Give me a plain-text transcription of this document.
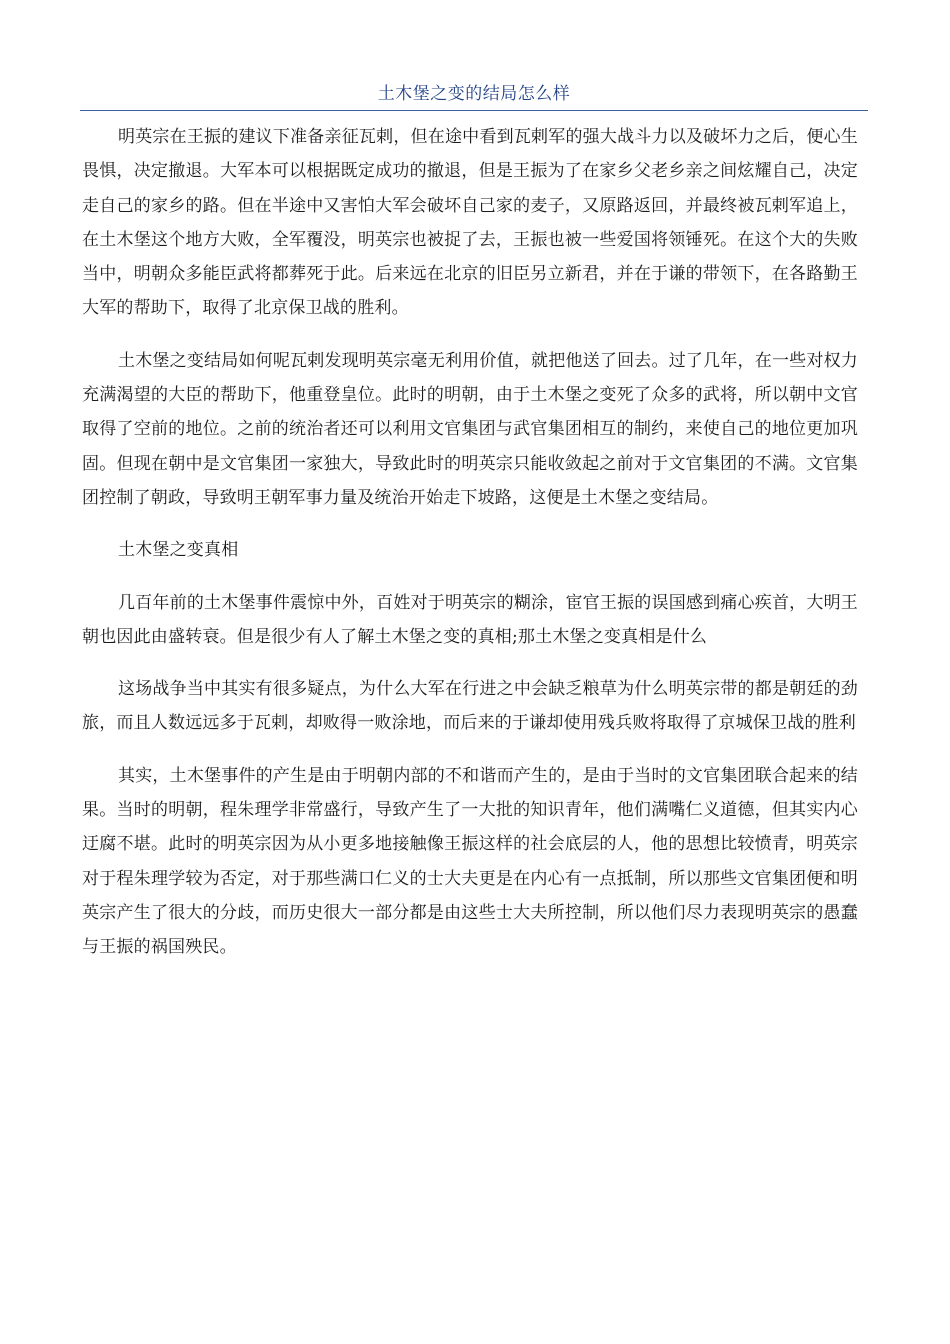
土木堡之变的结局怎么样

明英宗在王振的建议下准备亲征瓦剌，但在途中看到瓦剌军的强大战斗力以及破坏力之后，便心生畏惧，决定撤退。大军本可以根据既定成功的撤退，但是王振为了在家乡父老乡亲之间炫耀自己，决定走自己的家乡的路。但在半途中又害怕大军会破坏自己家的麦子，又原路返回，并最终被瓦剌军追上，在土木堡这个地方大败，全军覆没，明英宗也被捉了去，王振也被一些爱国将领锤死。在这个大的失败当中，明朝众多能臣武将都葬死于此。后来远在北京的旧臣另立新君，并在于谦的带领下，在各路勤王大军的帮助下，取得了北京保卫战的胜利。

土木堡之变结局如何呢瓦剌发现明英宗毫无利用价值，就把他送了回去。过了几年，在一些对权力充满渴望的大臣的帮助下，他重登皇位。此时的明朝，由于土木堡之变死了众多的武将，所以朝中文官取得了空前的地位。之前的统治者还可以利用文官集团与武官集团相互的制约，来使自己的地位更加巩固。但现在朝中是文官集团一家独大，导致此时的明英宗只能收敛起之前对于文官集团的不满。文官集团控制了朝政，导致明王朝军事力量及统治开始走下坡路，这便是土木堡之变结局。

土木堡之变真相

几百年前的土木堡事件震惊中外，百姓对于明英宗的糊涂，宦官王振的误国感到痛心疾首，大明王朝也因此由盛转衰。但是很少有人了解土木堡之变的真相;那土木堡之变真相是什么

这场战争当中其实有很多疑点，为什么大军在行进之中会缺乏粮草为什么明英宗带的都是朝廷的劲旅，而且人数远远多于瓦剌，却败得一败涂地，而后来的于谦却使用残兵败将取得了京城保卫战的胜利

其实，土木堡事件的产生是由于明朝内部的不和谐而产生的，是由于当时的文官集团联合起来的结果。当时的明朝，程朱理学非常盛行，导致产生了一大批的知识青年，他们满嘴仁义道德，但其实内心迂腐不堪。此时的明英宗因为从小更多地接触像王振这样的社会底层的人，他的思想比较愤青，明英宗对于程朱理学较为否定，对于那些满口仁义的士大夫更是在内心有一点抵制，所以那些文官集团便和明英宗产生了很大的分歧，而历史很大一部分都是由这些士大夫所控制，所以他们尽力表现明英宗的愚蠢与王振的祸国殃民。
